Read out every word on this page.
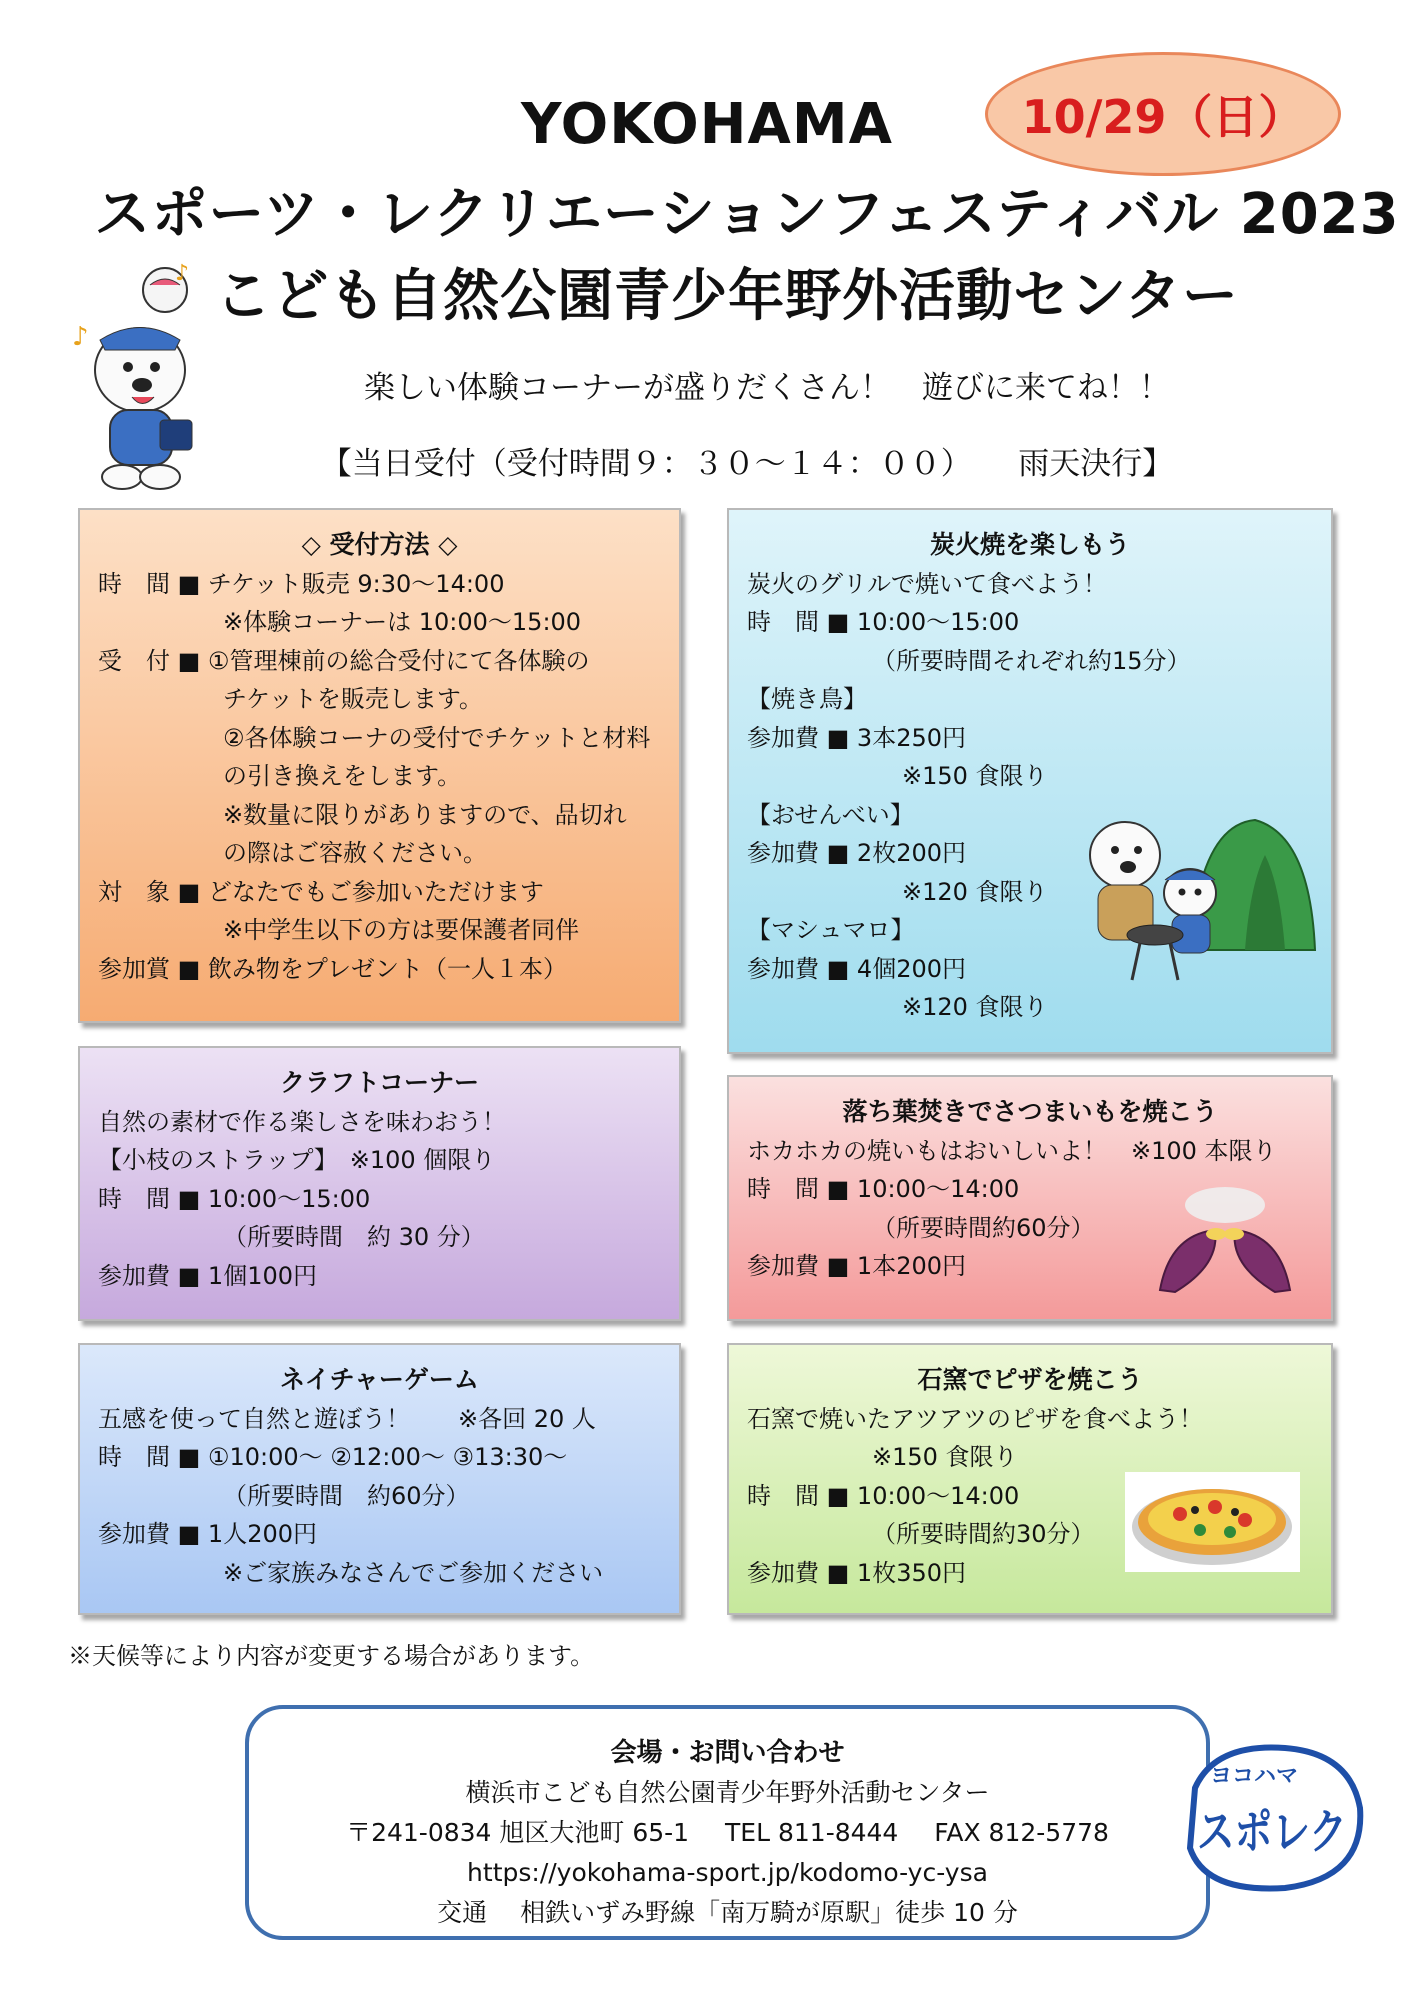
YOKOHAMA
スポーツ・レクリエーションフェスティバル 2023
こども自然公園青少年野外活動センター
10/29（日）
♪
♪
楽しい体験コーナーが盛りだくさん！　遊びに来てね！！
【当日受付（受付時間９：３０～１４：００）　　雨天決行】
◇ 受付方法 ◇
時　間 ■ チケット販売 9:30～14:00
※体験コーナーは 10:00～15:00
受　付 ■ ①管理棟前の総合受付にて各体験の
チケットを販売します。
②各体験コーナの受付でチケットと材料
の引き換えをします。
※数量に限りがありますので、品切れ
の際はご容赦ください。
対　象 ■ どなたでもご参加いただけます
※中学生以下の方は要保護者同伴
参加賞 ■ 飲み物をプレゼント（一人１本）
炭火焼を楽しもう
炭火のグリルで焼いて食べよう！
時　間 ■ 10:00～15:00
（所要時間それぞれ約15分）
【焼き鳥】
参加費 ■ 3本250円
※150 食限り
【おせんべい】
参加費 ■ 2枚200円
※120 食限り
【マシュマロ】
参加費 ■ 4個200円
※120 食限り
クラフトコーナー
自然の素材で作る楽しさを味わおう！
【小枝のストラップ】　※100 個限り
時　間 ■ 10:00～15:00
（所要時間　約 30 分）
参加費 ■ 1個100円
落ち葉焚きでさつまいもを焼こう
ホカホカの焼いもはおいしいよ！　※100 本限り
時　間 ■ 10:00～14:00
（所要時間約60分）
参加費 ■ 1本200円
ネイチャーゲーム
五感を使って自然と遊ぼう！　　※各回 20 人
時　間 ■ ①10:00～ ②12:00～ ③13:30～
（所要時間　約60分）
参加費 ■ 1人200円
※ご家族みなさんでご参加ください
石窯でピザを焼こう
石窯で焼いたアツアツのピザを食べよう！
※150 食限り
時　間 ■ 10:00～14:00
（所要時間約30分）
参加費 ■ 1枚350円
※天候等により内容が変更する場合があります。
会場・お問い合わせ
横浜市こども自然公園青少年野外活動センター
〒241-0834 旭区大池町 65-1 TEL 811-8444 FAX 812-5778
https://yokohama-sport.jp/kodomo-yc-ysa
交通　 相鉄いずみ野線「南万騎が原駅」徒歩 10 分
ヨコハマ
スポレク
